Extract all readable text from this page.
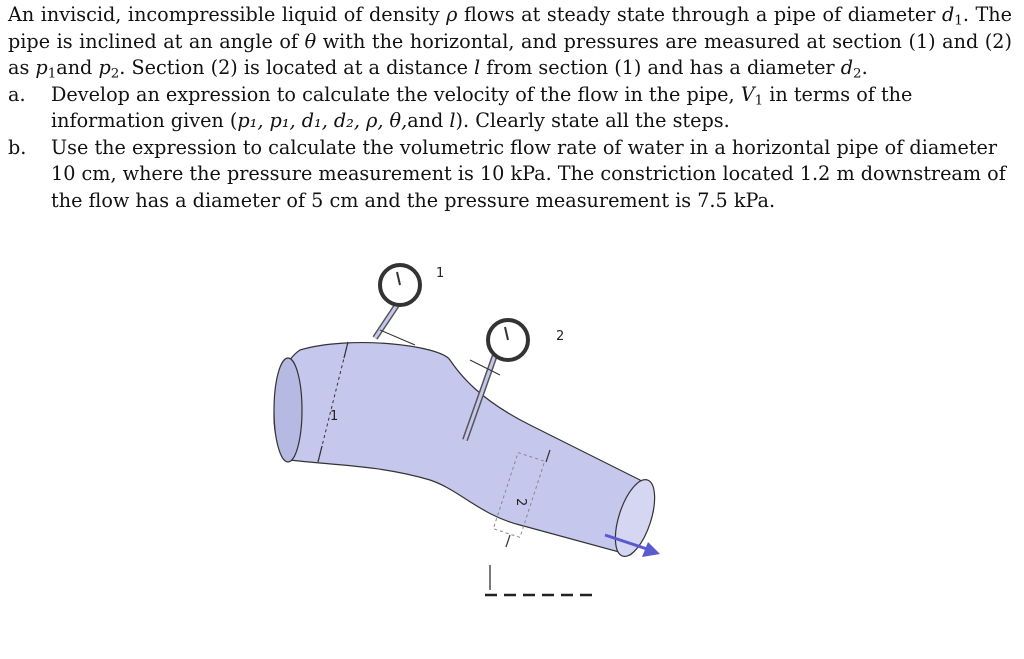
An inviscid, incompressible liquid of density ρ flows at steady state through a pipe of diameter $d_1$. The pipe is inclined at an angle of θ with the horizontal, and pressures are measured at section (1) and (2) as $p_1and$ $p_2$. Section (2) is located at a distance l from section (1) and has a diameter $d_2$.

a.	Develop an expression to calculate the velocity of the flow in the pipe, $V_1$ in terms of the information given (p₁, p₁, d₁, d₂, ρ, θ,and l). Clearly state all the steps.
b.	Use the expression to calculate the volumetric flow rate of water in a horizontal pipe of diameter 10 cm, where the pressure measurement is 10 kPa. The constriction located 1.2 m downstream of the flow has a diameter of 5 cm and the pressure measurement is 7.5 kPa.
1
2
1
2
